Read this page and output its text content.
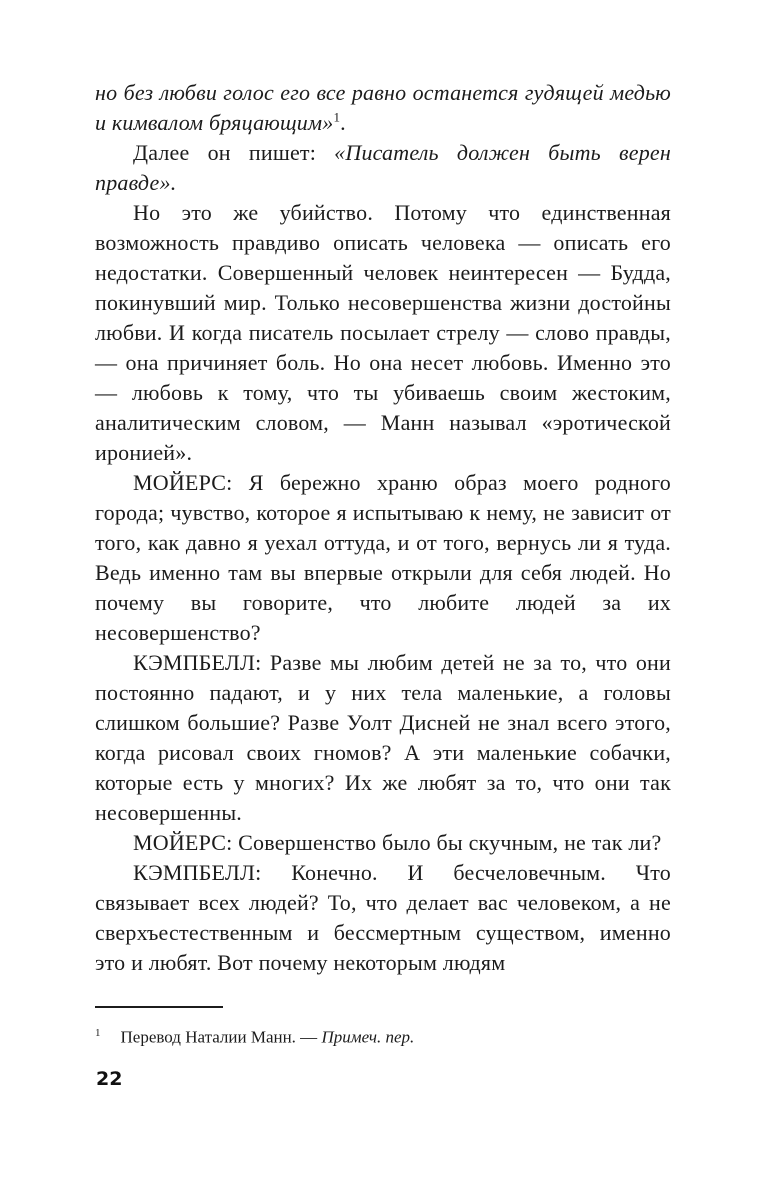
но без любви голос его все равно останется гудящей медью и кимвалом бряцающим»$^1$.

Далее он пишет: «Писатель должен быть верен правде».

Но это же убийство. Потому что единственная возможность правдиво описать человека — описать его недостатки. Совершенный человек неинтересен — Будда, покинувший мир. Только несовершенства жизни достойны любви. И когда писатель посылает стрелу — слово правды, — она причиняет боль. Но она несет любовь. Именно это — любовь к тому, что ты убиваешь своим жестоким, аналитическим словом, — Манн называл «эротической иронией».

МОЙЕРС: Я бережно храню образ моего родного города; чувство, которое я испытываю к нему, не зависит от того, как давно я уехал оттуда, и от того, вернусь ли я туда. Ведь именно там вы впервые открыли для себя людей. Но почему вы говорите, что любите людей за их несовершенство?

КЭМПБЕЛЛ: Разве мы любим детей не за то, что они постоянно падают, и у них тела маленькие, а головы слишком большие? Разве Уолт Дисней не знал всего этого, когда рисовал своих гномов? А эти маленькие собачки, которые есть у многих? Их же любят за то, что они так несовершенны.

МОЙЕРС: Совершенство было бы скучным, не так ли?

КЭМПБЕЛЛ: Конечно. И бесчеловечным. Что связывает всех людей? То, что делает вас человеком, а не сверхъестественным и бессмертным существом, именно это и любят. Вот почему некоторым людям

$^1$ Перевод Наталии Манн. — Примеч. пер.
22
